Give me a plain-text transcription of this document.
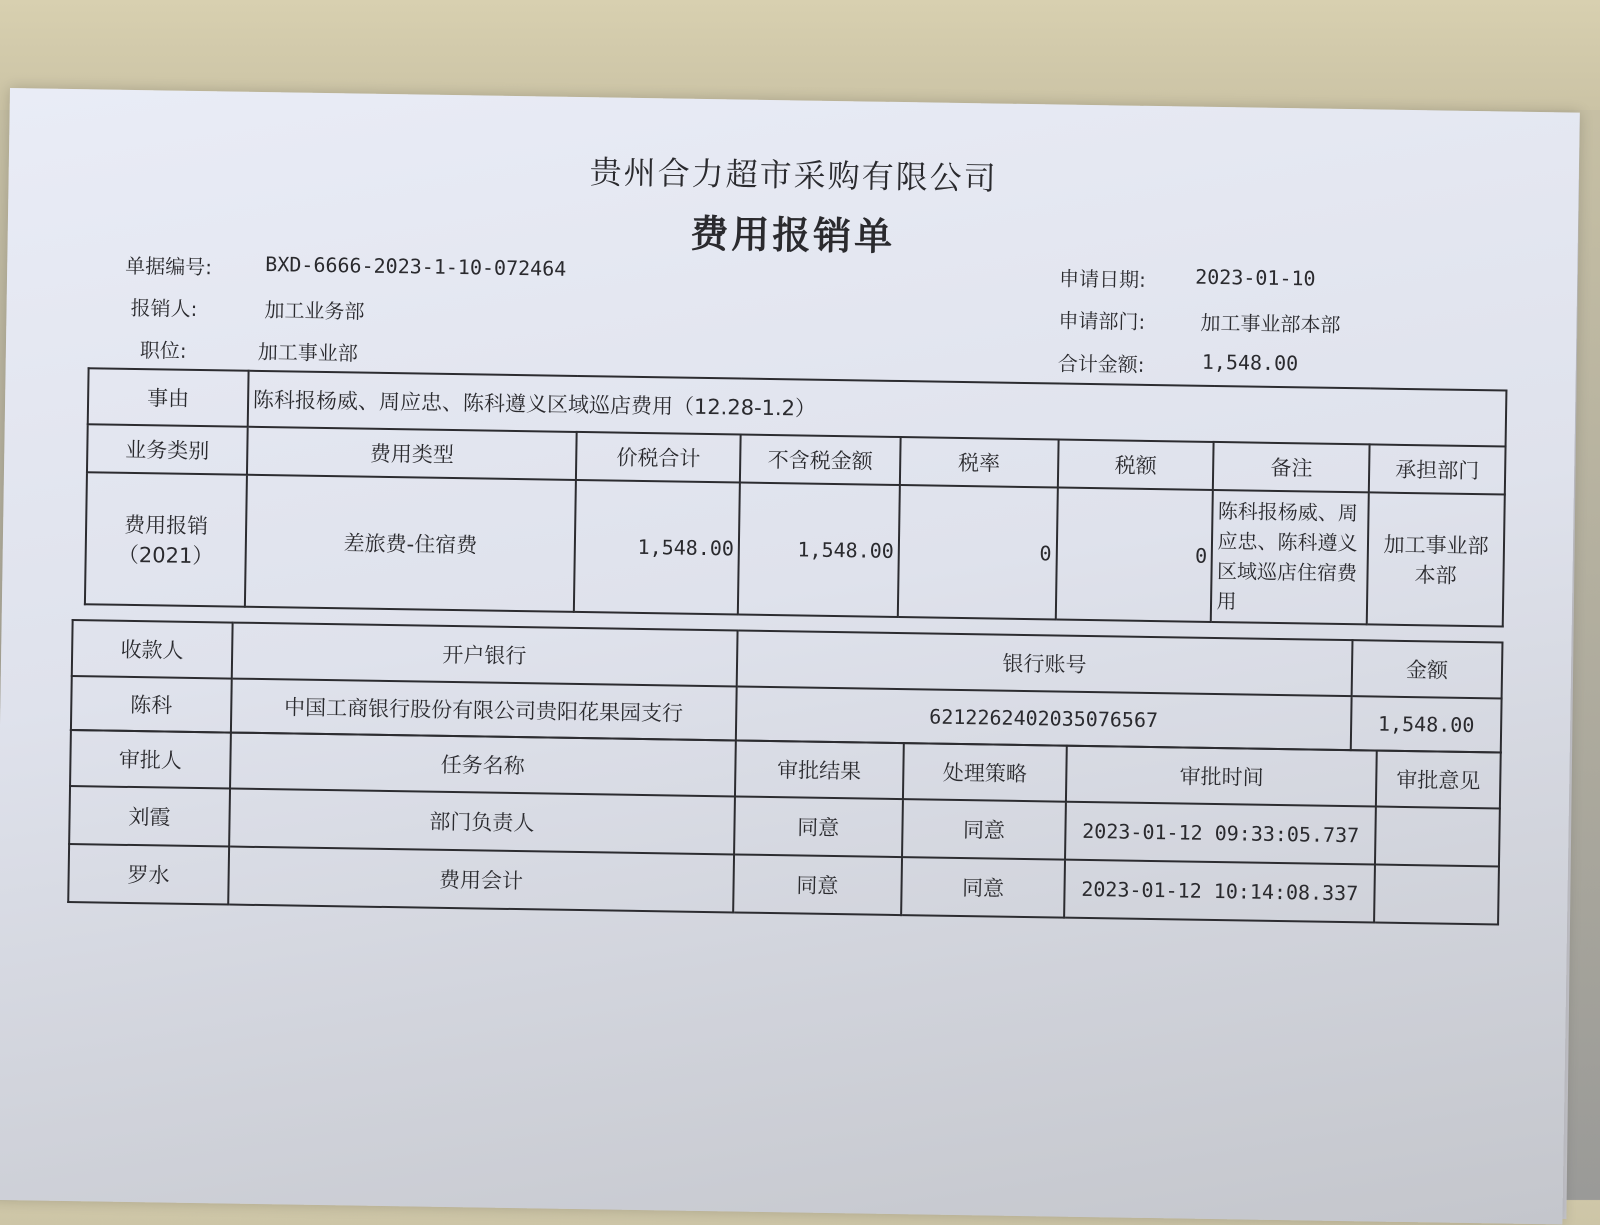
贵州合力超市采购有限公司
费用报销单
单据编号:	BXD-6666-2023-1-10-072464
报销人:	加工业务部
职位:	加工事业部
申请日期: 2023-01-10
申请部门:	加工事业部本部
合计金额:	1,548.00
事由	陈科报杨威、周应忠、陈科遵义区域巡店费用（12.28-1.2）						
业务类别	费用类型	价税合计	不含税金额	税率	税额	备注	承担部门
费用报销（2021）	差旅费-住宿费	1,548.00	1,548.00	0	0	陈科报杨威、周应忠、陈科遵义区域巡店住宿费用	加工事业部本部
收款人	开户银行	银行账号	金额
陈科	中国工商银行股份有限公司贵阳花果园支行	6212262402035076567	1,548.00
审批人	任务名称	审批结果	处理策略	审批时间	审批意见
刘霞	部门负责人	同意	同意	2023-01-12 09:33:05.737	
罗水	费用会计	同意	同意	2023-01-12 10:14:08.337	
